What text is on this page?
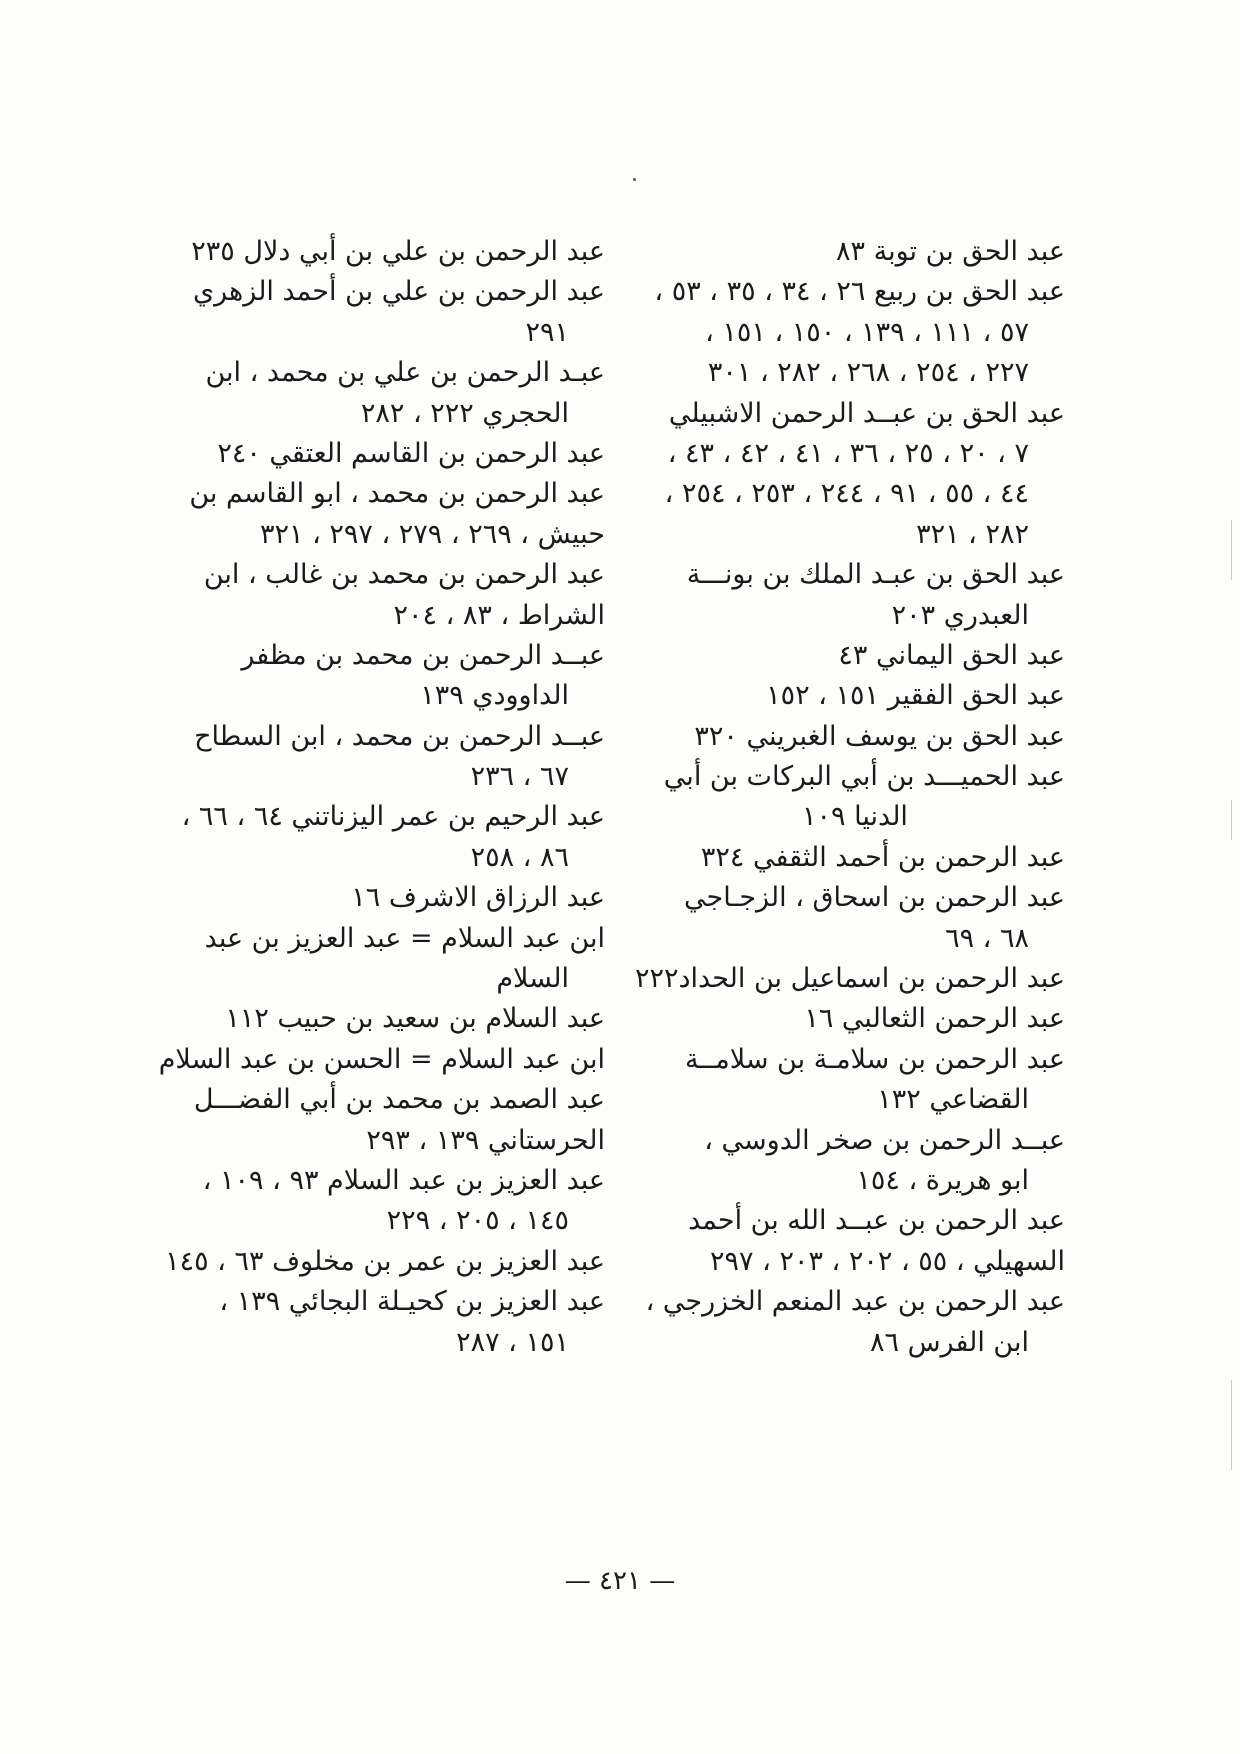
عبد الحق بن توبة ٨٣
عبد الحق بن ربيع ٢٦ ، ٣٤ ، ٣٥ ، ٥٣ ،
٥٧ ، ١١١ ، ١٣٩ ، ١٥٠ ، ١٥١ ،
٢٢٧ ، ٢٥٤ ، ٢٦٨ ، ٢٨٢ ، ٣٠١
عبد الحق بن عبــد الرحمن الاشبيلي
٧ ، ٢٠ ، ٢٥ ، ٣٦ ، ٤١ ، ٤٢ ، ٤٣ ،
٤٤ ، ٥٥ ، ٩١ ، ٢٤٤ ، ٢٥٣ ، ٢٥٤ ،
٢٨٢ ، ٣٢١
عبد الحق بن عبـد الملك بن بونـــة
العبدري ٢٠٣
عبد الحق اليماني ٤٣
عبد الحق الفقير ١٥١ ، ١٥٢
عبد الحق بن يوسف الغبريني ٣٢٠
عبد الحميـــد بن أبي البركات بن أبي
الدنيا ١٠٩
عبد الرحمن بن أحمد الثقفي ٣٢٤
عبد الرحمن بن اسحاق ، الزجـاجي
٦٨ ، ٦٩
عبد الرحمن بن اسماعيل بن الحداد٢٢٢
عبد الرحمن الثعالبي ١٦
عبد الرحمن بن سلامـة بن سلامــة
القضاعي ١٣٢
عبــد الرحمن بن صخر الدوسي ،
ابو هريرة ، ١٥٤
عبد الرحمن بن عبــد الله بن أحمد
السهيلي ، ٥٥ ، ٢٠٢ ، ٢٠٣ ، ٢٩٧
عبد الرحمن بن عبد المنعم الخزرجي ،
ابن الفرس ٨٦
عبد الرحمن بن علي بن أبي دلال ٢٣٥
عبد الرحمن بن علي بن أحمد الزهري
٢٩١
عبـد الرحمن بن علي بن محمد ، ابن
الحجري ٢٢٢ ، ٢٨٢
عبد الرحمن بن القاسم العتقي ٢٤٠
عبد الرحمن بن محمد ، ابو القاسم بن
حبيش ، ٢٦٩ ، ٢٧٩ ، ٢٩٧ ، ٣٢١
عبد الرحمن بن محمد بن غالب ، ابن
الشراط ، ٨٣ ، ٢٠٤
عبــد الرحمن بن محمد بن مظفر
الداوودي ١٣٩
عبــد الرحمن بن محمد ، ابن السطاح
٦٧ ، ٢٣٦
عبد الرحيم بن عمر اليزناتني ٦٤ ، ٦٦ ،
٨٦ ، ٢٥٨
عبد الرزاق الاشرف ١٦
ابن عبد السلام = عبد العزيز بن عبد
السلام
عبد السلام بن سعيد بن حبيب ١١٢
ابن عبد السلام = الحسن بن عبد السلام
عبد الصمد بن محمد بن أبي الفضـــل
الحرستاني ١٣٩ ، ٢٩٣
عبد العزيز بن عبد السلام ٩٣ ، ١٠٩ ،
١٤٥ ، ٢٠٥ ، ٢٢٩
عبد العزيز بن عمر بن مخلوف ٦٣ ، ١٤٥
عبد العزيز بن كحيـلة البجائي ١٣٩ ،
١٥١ ، ٢٨٧
— ٤٢١ —
